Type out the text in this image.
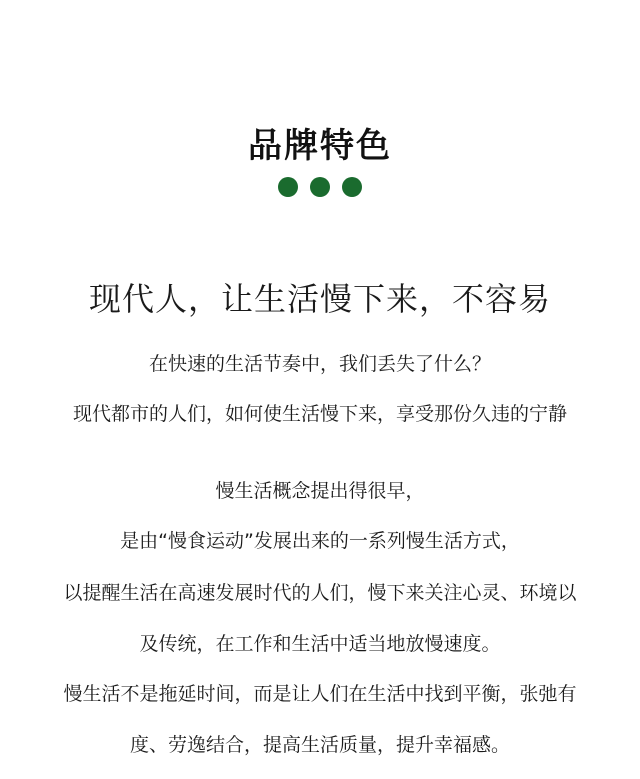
品牌特色
现代人，让生活慢下来，不容易
在快速的生活节奏中，我们丢失了什么？
现代都市的人们，如何使生活慢下来，享受那份久违的宁静
慢生活概念提出得很早，
是由“慢食运动”发展出来的一系列慢生活方式，
以提醒生活在高速发展时代的人们，慢下来关注心灵、环境以
及传统，在工作和生活中适当地放慢速度。
慢生活不是拖延时间，而是让人们在生活中找到平衡，张弛有
度、劳逸结合，提高生活质量，提升幸福感。
